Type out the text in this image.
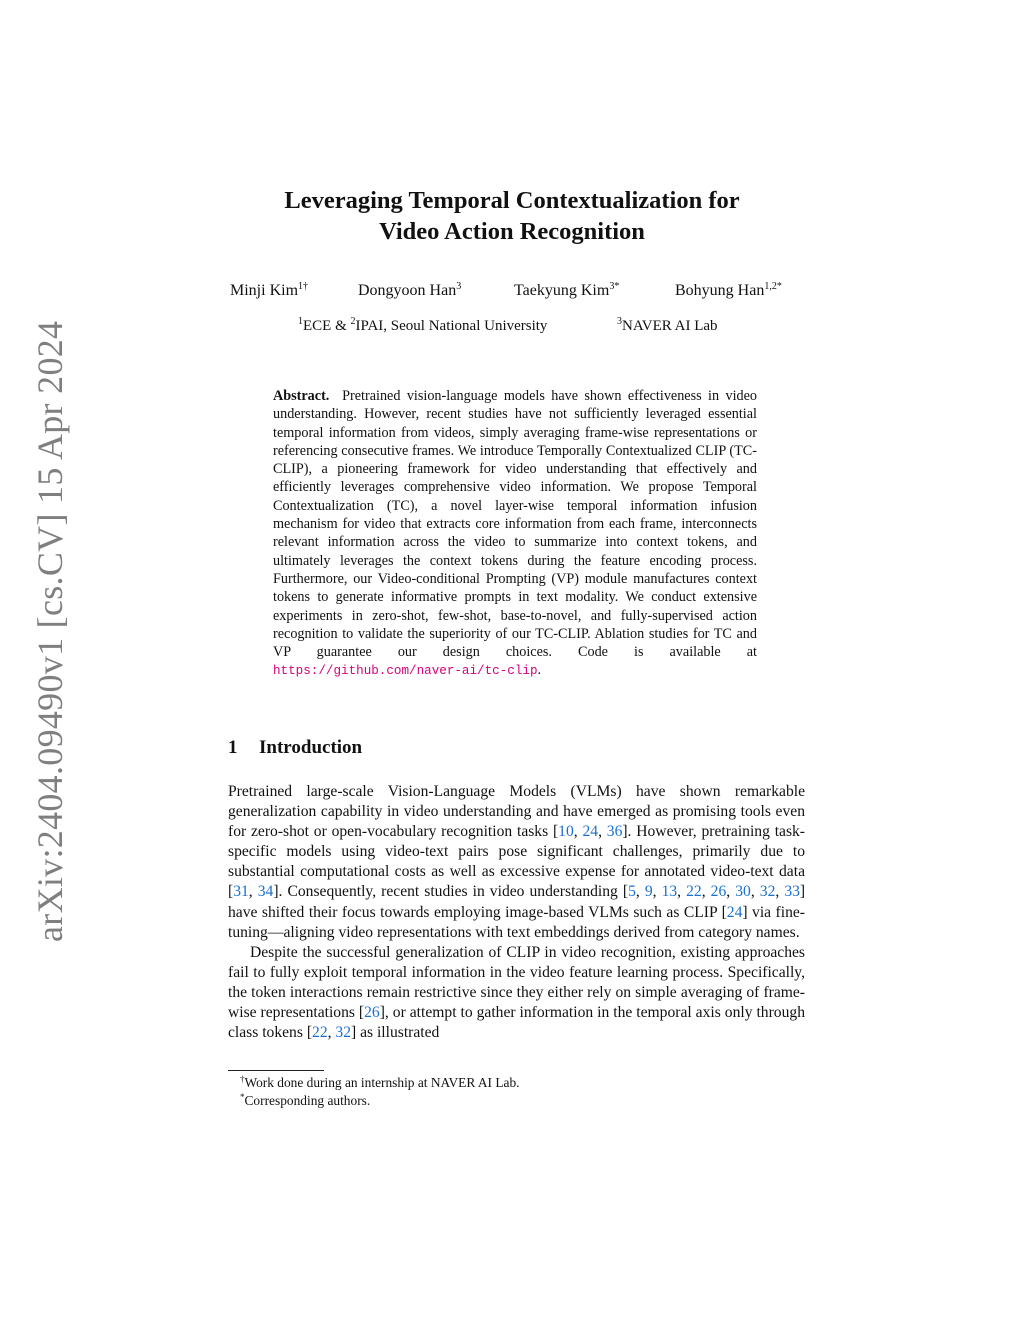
arXiv:2404.09490v1 [cs.CV] 15 Apr 2024
Leveraging Temporal Contextualization for
Video Action Recognition
Minji Kim$^{1\dagger}$	Dongyoon Han$^3$	Taekyung Kim$^{3*}$	Bohyung Han$^{1,2*}$
$^1$ECE & $^2$IPAI, Seoul National University	$^3$NAVER AI Lab
Abstract. Pretrained vision-language models have shown effectiveness in video understanding. However, recent studies have not sufficiently leveraged essential temporal information from videos, simply averaging frame-wise representations or referencing consecutive frames. We introduce Temporally Contextualized CLIP (TC-CLIP), a pioneering framework for video understanding that effectively and efficiently leverages comprehensive video information. We propose Temporal Contextualization (TC), a novel layer-wise temporal information infusion mechanism for video that extracts core information from each frame, interconnects relevant information across the video to summarize into context tokens, and ultimately leverages the context tokens during the feature encoding process. Furthermore, our Video-conditional Prompting (VP) module manufactures context tokens to generate informative prompts in text modality. We conduct extensive experiments in zero-shot, few-shot, base-to-novel, and fully-supervised action recognition to validate the superiority of our TC-CLIP. Ablation studies for TC and VP guarantee our design choices. Code is available at https://github.com/naver-ai/tc-clip.
1 Introduction

Pretrained large-scale Vision-Language Models (VLMs) have shown remarkable generalization capability in video understanding and have emerged as promising tools even for zero-shot or open-vocabulary recognition tasks [10, 24, 36]. However, pretraining task-specific models using video-text pairs pose significant challenges, primarily due to substantial computational costs as well as excessive expense for annotated video-text data [31, 34]. Consequently, recent studies in video understanding [5, 9, 13, 22, 26, 30, 32, 33] have shifted their focus towards employing image-based VLMs such as CLIP [24] via fine-tuning—aligning video representations with text embeddings derived from category names.

Despite the successful generalization of CLIP in video recognition, existing approaches fail to fully exploit temporal information in the video feature learning process. Specifically, the token interactions remain restrictive since they either rely on simple averaging of frame-wise representations [26], or attempt to gather information in the temporal axis only through class tokens [22, 32] as illustrated

†Work done during an internship at NAVER AI Lab.
*Corresponding authors.
